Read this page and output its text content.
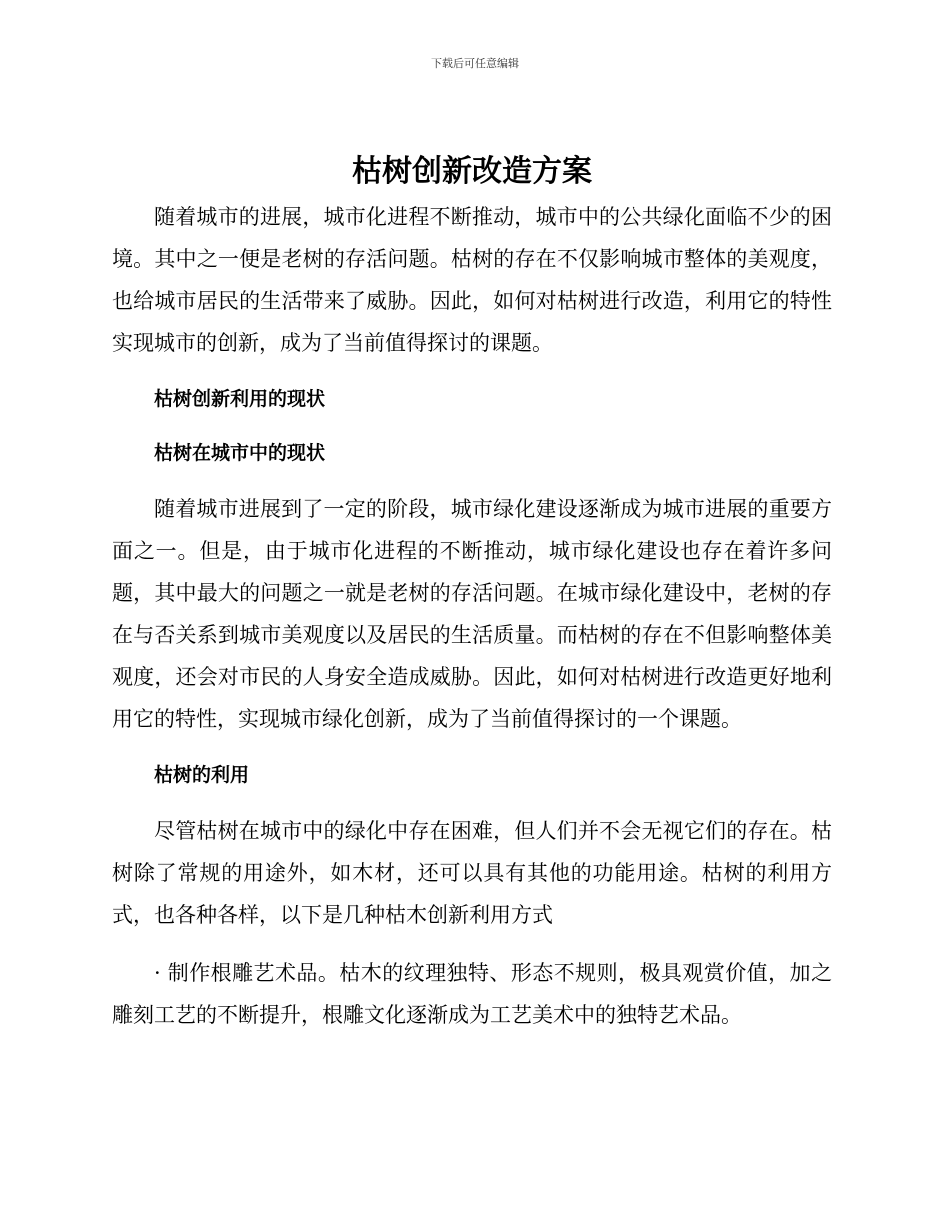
下载后可任意编辑
枯树创新改造方案

随着城市的进展，城市化进程不断推动，城市中的公共绿化面临不少的困境。其中之一便是老树的存活问题。枯树的存在不仅影响城市整体的美观度，也给城市居民的生活带来了威胁。因此，如何对枯树进行改造，利用它的特性实现城市的创新，成为了当前值得探讨的课题。

枯树创新利用的现状
枯树在城市中的现状

随着城市进展到了一定的阶段，城市绿化建设逐渐成为城市进展的重要方面之一。但是，由于城市化进程的不断推动，城市绿化建设也存在着许多问题，其中最大的问题之一就是老树的存活问题。在城市绿化建设中，老树的存在与否关系到城市美观度以及居民的生活质量。而枯树的存在不但影响整体美观度，还会对市民的人身安全造成威胁。因此，如何对枯树进行改造更好地利用它的特性，实现城市绿化创新，成为了当前值得探讨的一个课题。

枯树的利用

尽管枯树在城市中的绿化中存在困难，但人们并不会无视它们的存在。枯树除了常规的用途外，如木材，还可以具有其他的功能用途。枯树的利用方式，也各种各样，以下是几种枯木创新利用方式

· 制作根雕艺术品。枯木的纹理独特、形态不规则，极具观赏价值，加之雕刻工艺的不断提升，根雕文化逐渐成为工艺美术中的独特艺术品。
